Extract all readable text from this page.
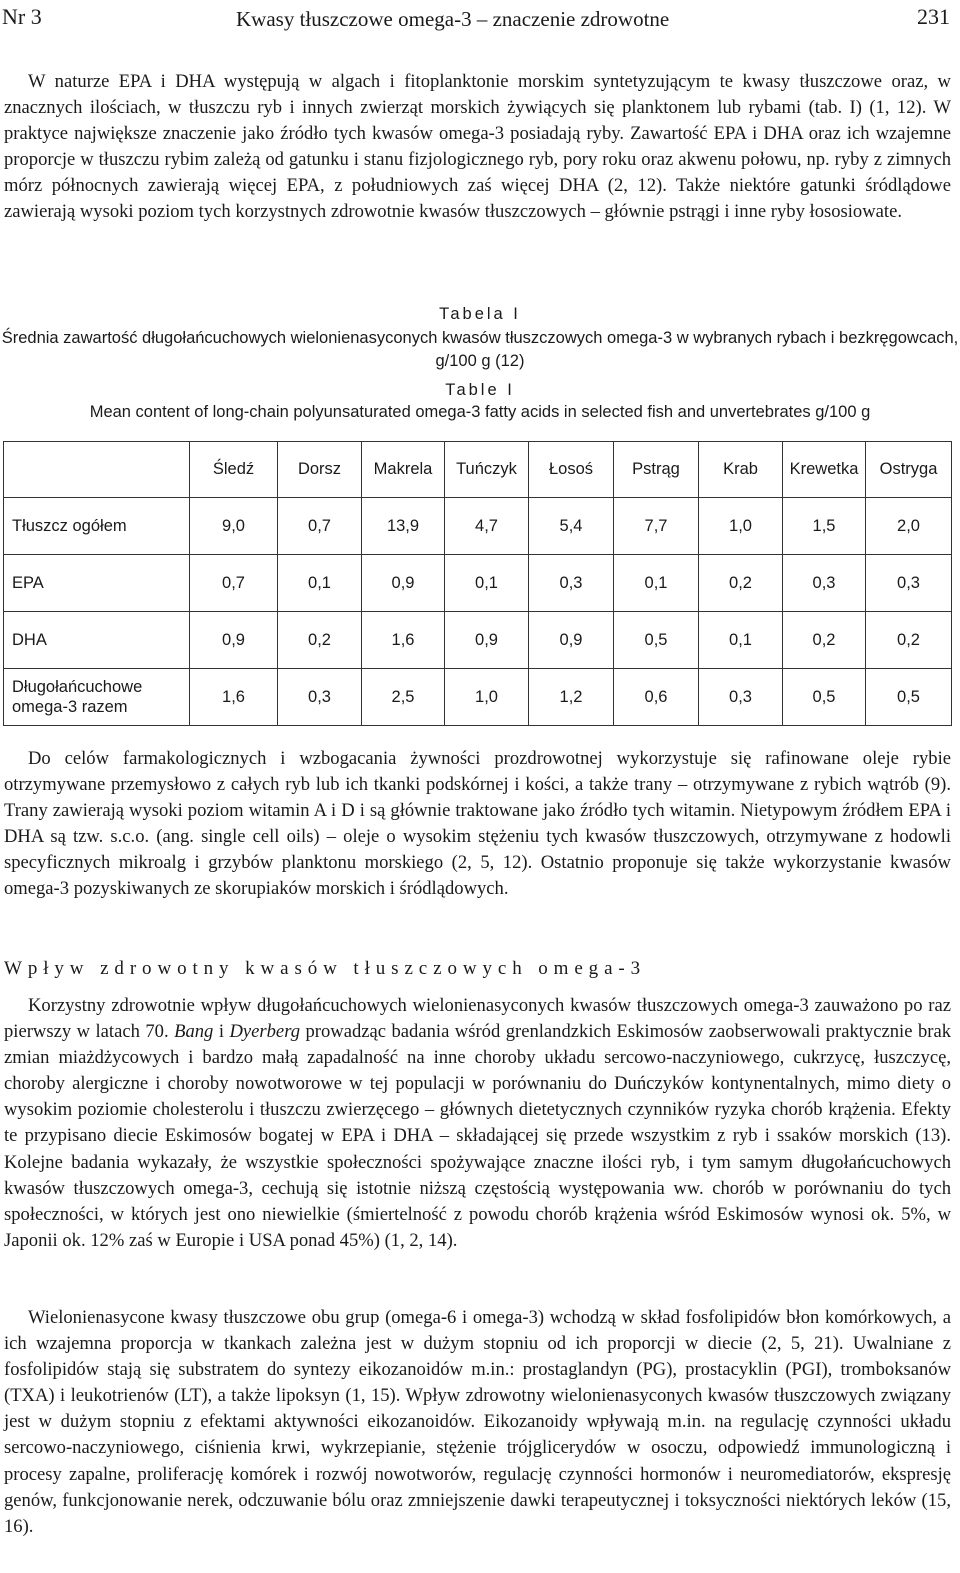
Nr 3	Kwasy tłuszczowe omega-3 – znaczenie zdrowotne	231

W naturze EPA i DHA występują w algach i fitoplanktonie morskim syntetyzującym te kwasy tłuszczowe oraz, w znacznych ilościach, w tłuszczu ryb i innych zwierząt morskich żywiących się planktonem lub rybami (tab. I) (1, 12). W praktyce największe znaczenie jako źródło tych kwasów omega-3 posiadają ryby. Zawartość EPA i DHA oraz ich wzajemne proporcje w tłuszczu rybim zależą od gatunku i stanu fizjologicznego ryb, pory roku oraz akwenu połowu, np. ryby z zimnych mórz północnych zawierają więcej EPA, z południowych zaś więcej DHA (2, 12). Także niektóre gatunki śródlądowe zawierają wysoki poziom tych korzystnych zdrowotnie kwasów tłuszczowych – głównie pstrągi i inne ryby łososiowate.

Tabela I

Średnia zawartość długołańcuchowych wielonienasyconych kwasów tłuszczowych omega-3 w wybranych rybach i bezkręgowcach, g/100 g (12)

Table I

Mean content of long-chain polyunsaturated omega-3 fatty acids in selected fish and unvertebrates g/100 g

	Śledź	Dorsz	Makrela	Tuńczyk	Łosoś	Pstrąg	Krab	Krewetka	Ostryga
Tłuszcz ogółem	9,0	0,7	13,9	4,7	5,4	7,7	1,0	1,5	2,0
EPA	0,7	0,1	0,9	0,1	0,3	0,1	0,2	0,3	0,3
DHA	0,9	0,2	1,6	0,9	0,9	0,5	0,1	0,2	0,2
Długołańcuchowe omega-3 razem	1,6	0,3	2,5	1,0	1,2	0,6	0,3	0,5	0,5

Do celów farmakologicznych i wzbogacania żywności prozdrowotnej wykorzystuje się rafinowane oleje rybie otrzymywane przemysłowo z całych ryb lub ich tkanki podskórnej i kości, a także trany – otrzymywane z rybich wątrób (9). Trany zawierają wysoki poziom witamin A i D i są głównie traktowane jako źródło tych witamin. Nietypowym źródłem EPA i DHA są tzw. s.c.o. (ang. single cell oils) – oleje o wysokim stężeniu tych kwasów tłuszczowych, otrzymywane z hodowli specyficznych mikroalg i grzybów planktonu morskiego (2, 5, 12). Ostatnio proponuje się także wykorzystanie kwasów omega-3 pozyskiwanych ze skorupiaków morskich i śródlądowych.

Wpływ zdrowotny kwasów tłuszczowych omega-3

Korzystny zdrowotnie wpływ długołańcuchowych wielonienasyconych kwasów tłuszczowych omega-3 zauważono po raz pierwszy w latach 70. Bang i Dyerberg prowadząc badania wśród grenlandzkich Eskimosów zaobserwowali praktycznie brak zmian miażdżycowych i bardzo małą zapadalność na inne choroby układu sercowo-naczyniowego, cukrzycę, łuszczycę, choroby alergiczne i choroby nowotworowe w tej populacji w porównaniu do Duńczyków kontynentalnych, mimo diety o wysokim poziomie cholesterolu i tłuszczu zwierzęcego – głównych dietetycznych czynników ryzyka chorób krążenia. Efekty te przypisano diecie Eskimosów bogatej w EPA i DHA – składającej się przede wszystkim z ryb i ssaków morskich (13). Kolejne badania wykazały, że wszystkie społeczności spożywające znaczne ilości ryb, i tym samym długołańcuchowych kwasów tłuszczowych omega-3, cechują się istotnie niższą częstością występowania ww. chorób w porównaniu do tych społeczności, w których jest ono niewielkie (śmiertelność z powodu chorób krążenia wśród Eskimosów wynosi ok. 5%, w Japonii ok. 12% zaś w Europie i USA ponad 45%) (1, 2, 14).

Wielonienasycone kwasy tłuszczowe obu grup (omega-6 i omega-3) wchodzą w skład fosfolipidów błon komórkowych, a ich wzajemna proporcja w tkankach zależna jest w dużym stopniu od ich proporcji w diecie (2, 5, 21). Uwalniane z fosfolipidów stają się substratem do syntezy eikozanoidów m.in.: prostaglandyn (PG), prostacyklin (PGI), tromboksanów (TXA) i leukotrienów (LT), a także lipoksyn (1, 15). Wpływ zdrowotny wielonienasyconych kwasów tłuszczowych związany jest w dużym stopniu z efektami aktywności eikozanoidów. Eikozanoidy wpływają m.in. na regulację czynności układu sercowo-naczyniowego, ciśnienia krwi, wykrzepianie, stężenie trójglicerydów w osoczu, odpowiedź immunologiczną i procesy zapalne, proliferację komórek i rozwój nowotworów, regulację czynności hormonów i neuromediatorów, ekspresję genów, funkcjonowanie nerek, odczuwanie bólu oraz zmniejszenie dawki terapeutycznej i toksyczności niektórych leków (15, 16).
